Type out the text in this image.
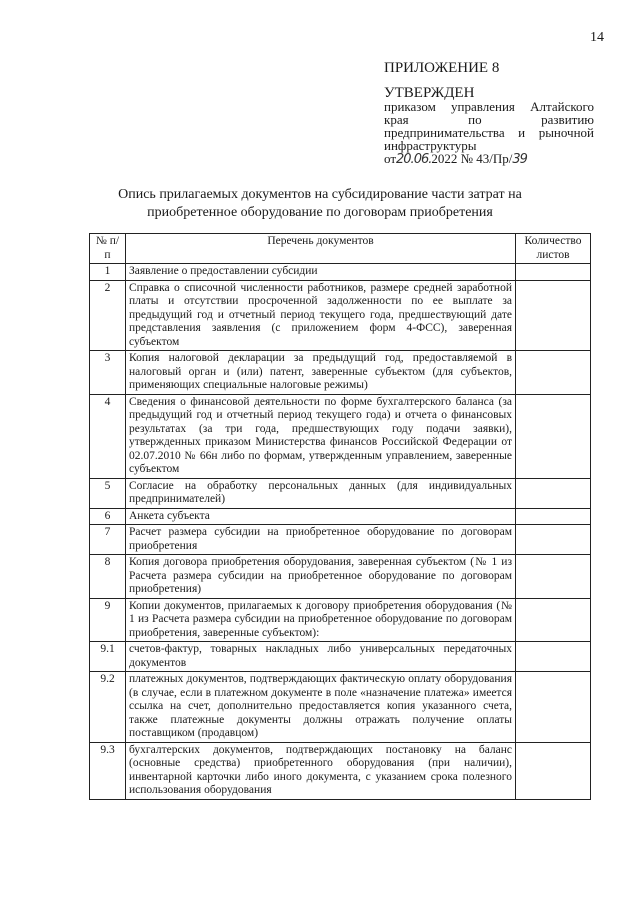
14
ПРИЛОЖЕНИЕ 8
УТВЕРЖДЕН
приказом управления Алтайского края по развитию предпринимательства и рыночной инфраструктуры
от20.06.2022 № 43/Пр/39
Опись прилагаемых документов на субсидирование части затрат на приобретенное оборудование по договорам приобретения
№ п/п	Перечень документов	Количество листов
1	Заявление о предоставлении субсидии	
2	Справка о списочной численности работников, размере средней заработной платы и отсутствии просроченной задолженности по ее выплате за предыдущий год и отчетный период текущего года, предшествующий дате представления заявления (с приложением форм 4-ФСС), заверенная субъектом	
3	Копия налоговой декларации за предыдущий год, предоставляемой в налоговый орган и (или) патент, заверенные субъектом (для субъектов, применяющих специальные налоговые режимы)	
4	Сведения о финансовой деятельности по форме бухгалтерского баланса (за предыдущий год и отчетный период текущего года) и отчета о финансовых результатах (за три года, предшествующих году подачи заявки), утвержденных приказом Министерства финансов Российской Федерации от 02.07.2010 № 66н либо по формам, утвержденным управлением, заверенные субъектом	
5	Согласие на обработку персональных данных (для индивидуальных предпринимателей)	
6	Анкета субъекта	
7	Расчет размера субсидии на приобретенное оборудование по договорам приобретения	
8	Копия договора приобретения оборудования, заверенная субъектом (№ 1 из Расчета размера субсидии на приобретенное оборудование по договорам приобретения)	
9	Копии документов, прилагаемых к договору приобретения оборудования (№ 1 из Расчета размера субсидии на приобретенное оборудование по договорам приобретения, заверенные субъектом):	
9.1	счетов-фактур, товарных накладных либо универсальных передаточных документов	
9.2	платежных документов, подтверждающих фактическую оплату оборудования (в случае, если в платежном документе в поле «назначение платежа» имеется ссылка на счет, дополнительно предоставляется копия указанного счета, также платежные документы должны отражать получение оплаты поставщиком (продавцом)	
9.3	бухгалтерских документов, подтверждающих постановку на баланс (основные средства) приобретенного оборудования (при наличии), инвентарной карточки либо иного документа, с указанием срока полезного использования оборудования	
